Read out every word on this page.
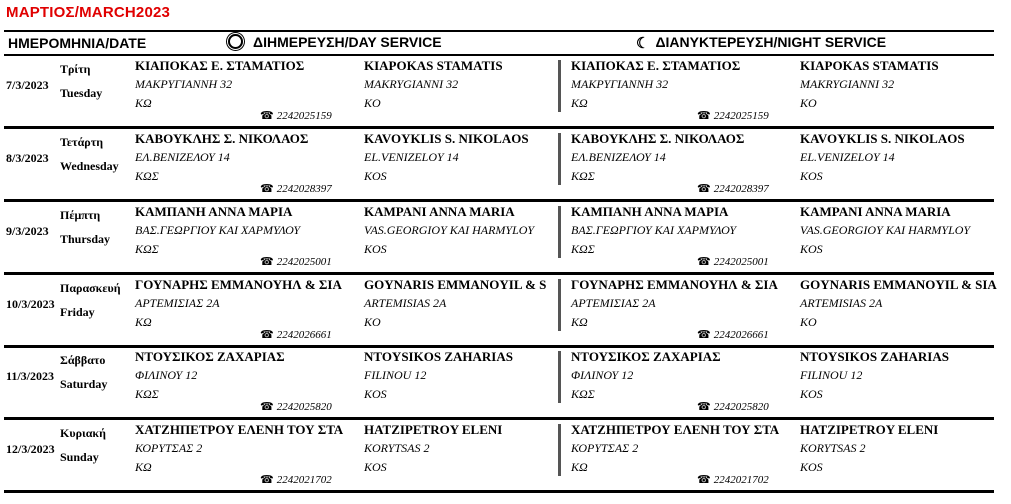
ΜΑΡΤΙΟΣ/MARCH2023
ΗΜΕΡΟΜΗΝΙΑ/DATE	ΔΙΗΜΕΡΕΥΣΗ/DAY SERVICE	☾ ΔΙΑΝΥΚΤΕΡΕΥΣΗ/NIGHT SERVICE
7/3/2023
Τρίτη
Tuesday
ΚΙΑΠΟΚΑΣ Ε. ΣΤΑΜΑΤΙΟΣ
ΜΑΚΡΥΓΙΑΝΝΗ 32
ΚΩ
KIAPOKAS STAMATIS
MAKRYGIANNI 32
KO
☎ 2242025159
ΚΙΑΠΟΚΑΣ Ε. ΣΤΑΜΑΤΙΟΣ
ΜΑΚΡΥΓΙΑΝΝΗ 32
ΚΩ
KIAPOKAS STAMATIS
MAKRYGIANNI 32
KO
☎ 2242025159
8/3/2023
Τετάρτη
Wednesday
ΚΑΒΟΥΚΛΗΣ Σ. ΝΙΚΟΛΑΟΣ
ΕΛ.ΒΕΝΙΖΕΛΟΥ 14
ΚΩΣ
KAVOYKLIS S. NIKOLAOS
EL.VENIZELOY 14
KOS
☎ 2242028397
ΚΑΒΟΥΚΛΗΣ Σ. ΝΙΚΟΛΑΟΣ
ΕΛ.ΒΕΝΙΖΕΛΟΥ 14
ΚΩΣ
KAVOYKLIS S. NIKOLAOS
EL.VENIZELOY 14
KOS
☎ 2242028397
9/3/2023
Πέμπτη
Thursday
ΚΑΜΠΑΝΗ ΑΝΝΑ ΜΑΡΙΑ
ΒΑΣ.ΓΕΩΡΓΙΟΥ ΚΑΙ ΧΑΡΜΥΛΟΥ
ΚΩΣ
KAMPANI ANNA MARIA
VAS.GEORGIOY KAI HARMYLOY
KOS
☎ 2242025001
ΚΑΜΠΑΝΗ ΑΝΝΑ ΜΑΡΙΑ
ΒΑΣ.ΓΕΩΡΓΙΟΥ ΚΑΙ ΧΑΡΜΥΛΟΥ
ΚΩΣ
KAMPANI ANNA MARIA
VAS.GEORGIOY KAI HARMYLOY
KOS
☎ 2242025001
10/3/2023
Παρασκευή
Friday
ΓΟΥΝΑΡΗΣ ΕΜΜΑΝΟΥΗΛ & ΣΙΑ
ΑΡΤΕΜΙΣΙΑΣ 2Α
ΚΩ
GOYNARIS EMMANOYIL & S
ARTEMISIAS 2A
KO
☎ 2242026661
ΓΟΥΝΑΡΗΣ ΕΜΜΑΝΟΥΗΛ & ΣΙΑ
ΑΡΤΕΜΙΣΙΑΣ 2Α
ΚΩ
GOYNARIS EMMANOYIL & SIA
ARTEMISIAS 2A
KO
☎ 2242026661
11/3/2023
Σάββατο
Saturday
ΝΤΟΥΣΙΚΟΣ ΖΑΧΑΡΙΑΣ
ΦΙΛΙΝΟΥ 12
ΚΩΣ
NTOYSIKOS ZAHARIAS
FILINOU 12
KOS
☎ 2242025820
ΝΤΟΥΣΙΚΟΣ ΖΑΧΑΡΙΑΣ
ΦΙΛΙΝΟΥ 12
ΚΩΣ
NTOYSIKOS ZAHARIAS
FILINOU 12
KOS
☎ 2242025820
12/3/2023
Κυριακή
Sunday
ΧΑΤΖΗΠΕΤΡΟΥ ΕΛΕΝΗ ΤΟΥ ΣΤΑ
ΚΟΡΥΤΣΑΣ 2
ΚΩ
HATZIPETROY ELENI
KORYTSAS 2
KOS
☎ 2242021702
ΧΑΤΖΗΠΕΤΡΟΥ ΕΛΕΝΗ ΤΟΥ ΣΤΑ
ΚΟΡΥΤΣΑΣ 2
ΚΩ
HATZIPETROY ELENI
KORYTSAS 2
KOS
☎ 2242021702
